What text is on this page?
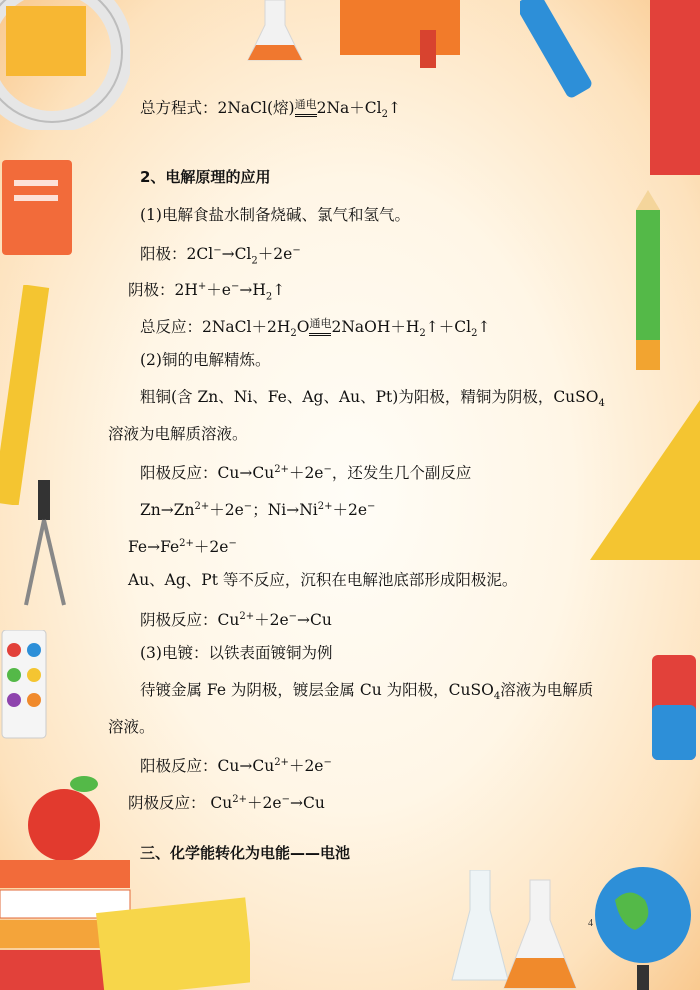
总方程式：2NaCl(熔)通电$2Na+Cl_2↑$
2、电解原理的应用
(1)电解食盐水制备烧碱、氯气和氢气。
阳极：$2Cl^-\to Cl_2+2e^-$
阴极：$2H^++e^-\to H_2↑$
总反应：$2NaCl+2H_2O$通电$2NaOH+H_2↑+Cl_2↑$
(2)铜的电解精炼。
粗铜(含 Zn、Ni、Fe、Ag、Au、Pt)为阳极，精铜为阴极，CuSO$_4$
溶液为电解质溶液。
阳极反应：$Cu\to Cu^{2+}+2e^-$，还发生几个副反应
$Zn\to Zn^{2+}+2e^-$；$Ni\to Ni^{2+}+2e^-$
$Fe\to Fe^{2+}+2e^-$
Au、Ag、Pt 等不反应，沉积在电解池底部形成阳极泥。
阴极反应：$Cu^{2+}+2e^-\to Cu$
(3)电镀：以铁表面镀铜为例
待镀金属 Fe 为阴极，镀层金属 Cu 为阳极，CuSO$_4$溶液为电解质
溶液。
阳极反应：$Cu\to Cu^{2+}+2e^-$
阴极反应： $Cu^{2+}+2e^-\to Cu$
三、化学能转化为电能——电池
4
